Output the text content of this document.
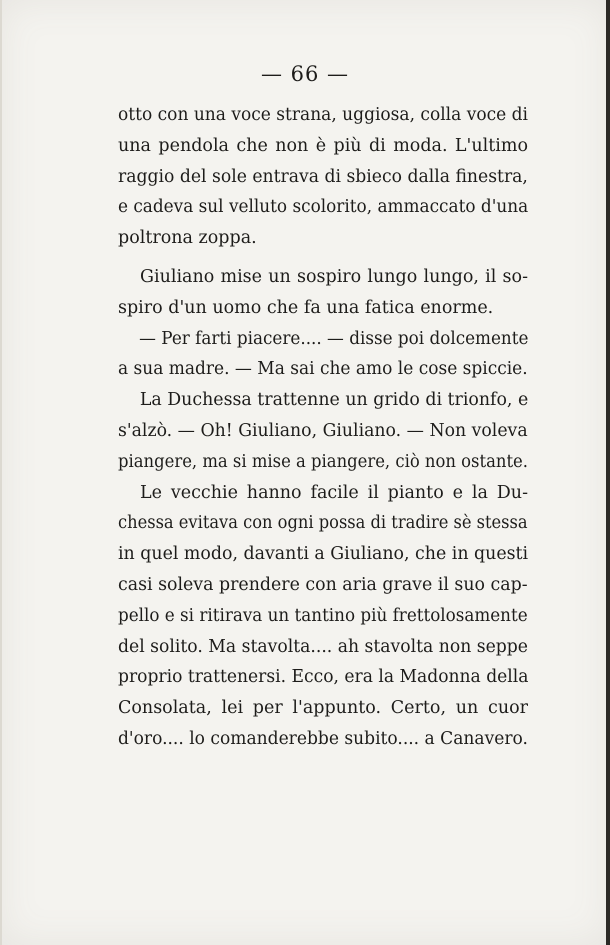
— 66 —
otto con una voce strana, uggiosa, colla voce di
una pendola che non è più di moda. L'ultimo
raggio del sole entrava di sbieco dalla finestra,
e cadeva sul velluto scolorito, ammaccato d'una
poltrona zoppa.
Giuliano mise un sospiro lungo lungo, il so-
spiro d'un uomo che fa una fatica enorme.
— Per farti piacere.... — disse poi dolcemente
a sua madre. — Ma sai che amo le cose spiccie.
La Duchessa trattenne un grido di trionfo, e
s'alzò. — Oh! Giuliano, Giuliano. — Non voleva
piangere, ma si mise a piangere, ciò non ostante.
Le vecchie hanno facile il pianto e la Du-
chessa evitava con ogni possa di tradire sè stessa
in quel modo, davanti a Giuliano, che in questi
casi soleva prendere con aria grave il suo cap-
pello e si ritirava un tantino più frettolosamente
del solito. Ma stavolta.... ah stavolta non seppe
proprio trattenersi. Ecco, era la Madonna della
Consolata, lei per l'appunto. Certo, un cuor
d'oro.... lo comanderebbe subito.... a Canavero.
